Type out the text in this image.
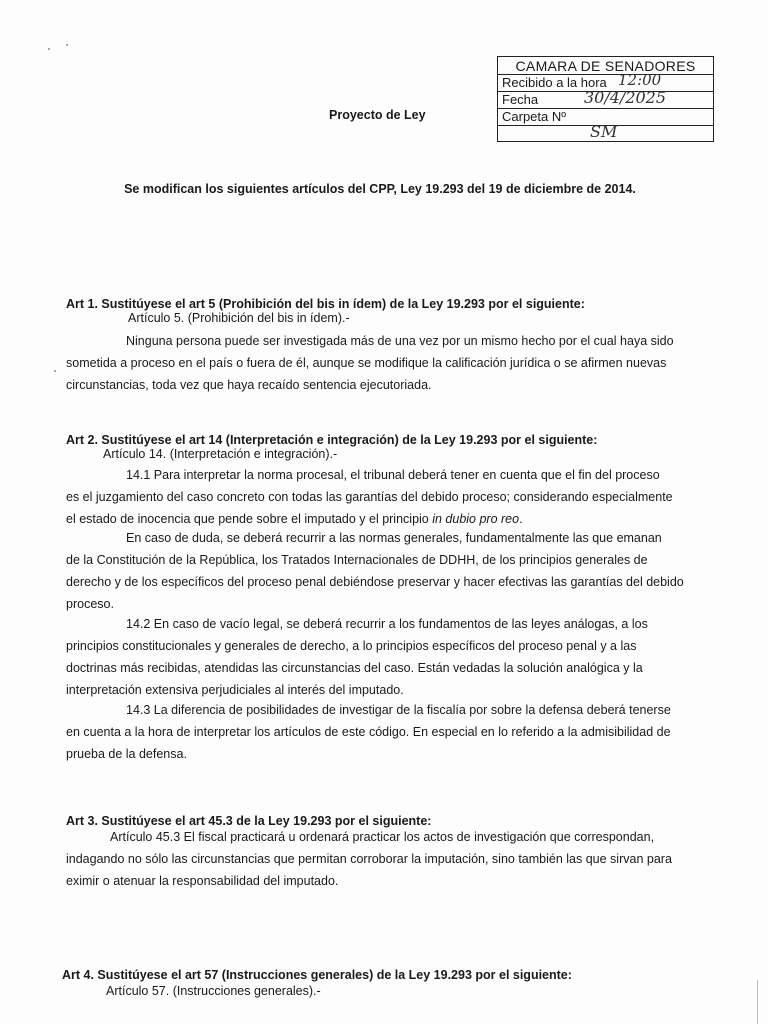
CAMARA DE SENADORES
Recibido a la hora 12:00
Fecha	30/4/2025
Carpeta Nº
SM
Proyecto de Ley
Se modifican los siguientes artículos del CPP, Ley 19.293 del 19 de diciembre de 2014.
Art 1. Sustitúyese el art 5 (Prohibición del bis in ídem) de la Ley 19.293 por el siguiente:
Artículo 5. (Prohibición del bis in ídem).-
Ninguna persona puede ser investigada más de una vez por un mismo hecho por el cual haya sido
sometida a proceso en el país o fuera de él, aunque se modifique la calificación jurídica o se afirmen nuevas
circunstancias, toda vez que haya recaído sentencia ejecutoriada.
Art 2. Sustitúyese el art 14 (Interpretación e integración) de la Ley 19.293 por el siguiente:
Artículo 14. (Interpretación e integración).-
14.1 Para interpretar la norma procesal, el tribunal deberá tener en cuenta que el fin del proceso
es el juzgamiento del caso concreto con todas las garantías del debido proceso; considerando especialmente
el estado de inocencia que pende sobre el imputado y el principio in dubio pro reo.
En caso de duda, se deberá recurrir a las normas generales, fundamentalmente las que emanan
de la Constitución de la República, los Tratados Internacionales de DDHH, de los principios generales de
derecho y de los específicos del proceso penal debiéndose preservar y hacer efectivas las garantías del debido
proceso.
14.2 En caso de vacío legal, se deberá recurrir a los fundamentos de las leyes análogas, a los
principios constitucionales y generales de derecho, a lo principios específicos del proceso penal y a las
doctrinas más recibidas, atendidas las circunstancias del caso. Están vedadas la solución analógica y la
interpretación extensiva perjudiciales al interés del imputado.
14.3 La diferencia de posibilidades de investigar de la fiscalía por sobre la defensa deberá tenerse
en cuenta a la hora de interpretar los artículos de este código. En especial en lo referido a la admisibilidad de
prueba de la defensa.
Art 3. Sustitúyese el art 45.3 de la Ley 19.293 por el siguiente:
Artículo 45.3 El fiscal practicará u ordenará practicar los actos de investigación que correspondan,
indagando no sólo las circunstancias que permitan corroborar la imputación, sino también las que sirvan para
eximir o atenuar la responsabilidad del imputado.
Art 4. Sustitúyese el art 57 (Instrucciones generales) de la Ley 19.293 por el siguiente:
Artículo 57. (Instrucciones generales).-
